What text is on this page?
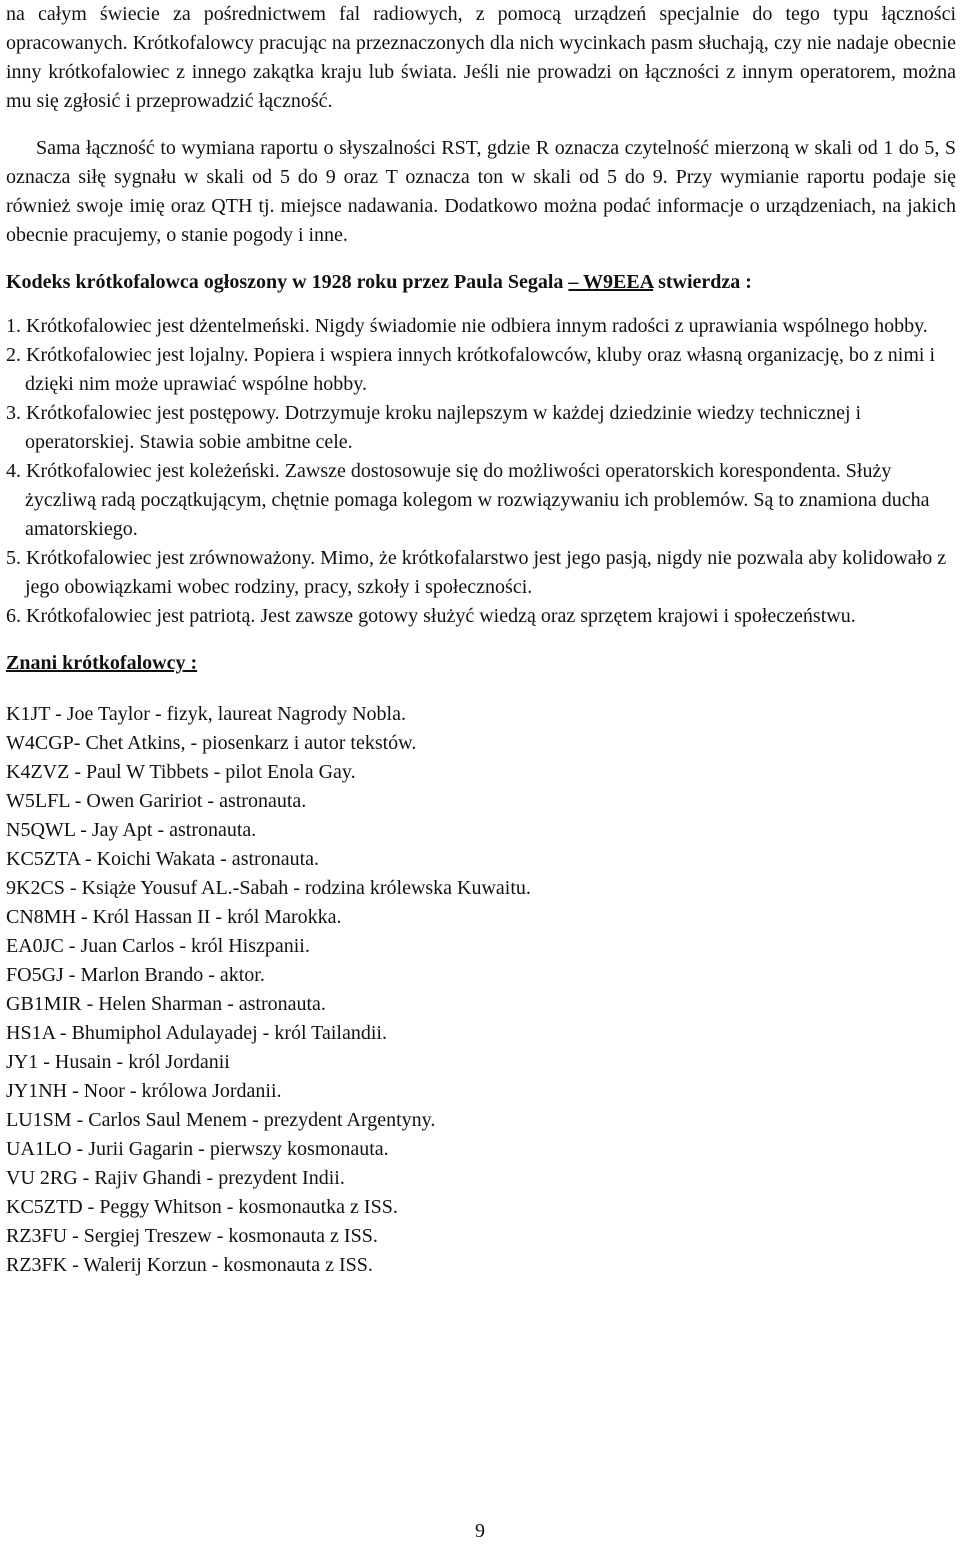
na całym świecie za pośrednictwem fal radiowych, z pomocą urządzeń specjalnie do tego typu łączności opracowanych. Krótkofalowcy pracując na przeznaczonych dla nich wycinkach pasm słuchają, czy nie nadaje obecnie inny krótkofalowiec z innego zakątka kraju lub świata. Jeśli nie prowadzi on łączności z innym operatorem, można mu się zgłosić i przeprowadzić łączność.

Sama łączność to wymiana raportu o słyszalności RST, gdzie R oznacza czytelność mierzoną w skali od 1 do 5, S oznacza siłę sygnału w skali od 5 do 9 oraz T oznacza ton w skali od 5 do 9. Przy wymianie raportu podaje się również swoje imię oraz QTH tj. miejsce nadawania. Dodatkowo można podać informacje o urządzeniach, na jakich obecnie pracujemy, o stanie pogody i inne.

Kodeks krótkofalowca ogłoszony w 1928 roku przez Paula Segala – W9EEA stwierdza :

1. Krótkofalowiec jest dżentelmeński. Nigdy świadomie nie odbiera innym radości z uprawiania wspólnego hobby.
2. Krótkofalowiec jest lojalny. Popiera i wspiera innych krótkofalowców, kluby oraz własną organizację, bo z nimi i dzięki nim może uprawiać wspólne hobby.
3. Krótkofalowiec jest postępowy. Dotrzymuje kroku najlepszym w każdej dziedzinie wiedzy technicznej i operatorskiej. Stawia sobie ambitne cele.
4. Krótkofalowiec jest koleżeński. Zawsze dostosowuje się do możliwości operatorskich korespondenta. Służy życzliwą radą początkującym, chętnie pomaga kolegom w rozwiązywaniu ich problemów. Są to znamiona ducha amatorskiego.
5. Krótkofalowiec jest zrównoważony. Mimo, że krótkofalarstwo jest jego pasją, nigdy nie pozwala aby kolidowało z jego obowiązkami wobec rodziny, pracy, szkoły i społeczności.
6. Krótkofalowiec jest patriotą. Jest zawsze gotowy służyć wiedzą oraz sprzętem krajowi i społeczeństwu.

Znani krótkofalowcy :

K1JT - Joe Taylor - fizyk, laureat Nagrody Nobla.
W4CGP- Chet Atkins, - piosenkarz i autor tekstów.
K4ZVZ - Paul W Tibbets - pilot Enola Gay.
W5LFL - Owen Gaririot - astronauta.
N5QWL - Jay Apt - astronauta.
KC5ZTA - Koichi Wakata - astronauta.
9K2CS - Książe Yousuf AL.-Sabah - rodzina królewska Kuwaitu.
CN8MH - Król Hassan II - król Marokka.
EA0JC - Juan Carlos - król Hiszpanii.
FO5GJ - Marlon Brando - aktor.
GB1MIR - Helen Sharman - astronauta.
HS1A - Bhumiphol Adulayadej - król Tailandii.
JY1 - Husain - król Jordanii
JY1NH - Noor - królowa Jordanii.
LU1SM - Carlos Saul Menem - prezydent Argentyny.
UA1LO - Jurii Gagarin - pierwszy kosmonauta.
VU 2RG - Rajiv Ghandi - prezydent Indii.
KC5ZTD - Peggy Whitson - kosmonautka z ISS.
RZ3FU - Sergiej Treszew - kosmonauta z ISS.
RZ3FK - Walerij Korzun - kosmonauta z ISS.
9
